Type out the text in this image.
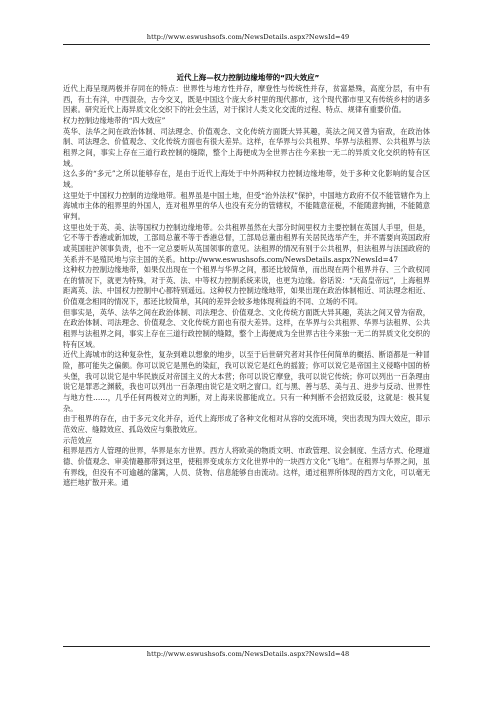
http://www.eswushsofs.com/NewsDetails.aspx?NewsId=49
近代上海—权力控制边缘地带的“四大效应”

近代上海呈现两极并存同在的特点：世界性与地方性并存，摩登性与传统性并存，贫富悬殊，高度分层，有中有西，有土有洋，中西混杂，古今交叉，既是中国这个庞大乡村里的现代都市，这个现代都市里又有传统乡村的诸多因素。研究近代上海异质文化交织下的社会生活，对于探讨人类文化交流的过程、特点、规律有重要价值。

权力控制边缘地带的“四大效应”

英华、法华之间在政治体制、司法理念、价值观念、文化传统方面既大异其趣，英法之间又曾为宿敌，在政治体制、司法理念、价值观念、文化传统方面也有很大差异。这样，在华界与公共租界、华界与法租界、公共租界与法租界之间，事实上存在三道行政控制的缝隙，整个上海便成为全世界古往今来独一无二的异质文化交织的特有区域。

这么多的“多元”之所以能够存在，是由于近代上海处于中外两种权力控制边缘地带，处于多种文化影响的复合区域。

这里处于中国权力控制的边缘地带。租界虽是中国土地，但受“治外法权”保护，中国地方政府不仅不能管辖作为上海城市主体的租界里的外国人，连对租界里的华人也没有充分的管辖权，不能随意征税，不能随意拘捕，不能随意审判。

这里也处于英、美、法等国权力控制边缘地带。公共租界虽然在大部分时间里权力主要控制在英国人手里，但是，它不等于香港或新加坡，工部局总董不等于香港总督，工部局总董由租界有关居民选举产生，并不需要向英国政府或英国驻沪领事负责，也不一定总要听从英国领事的意见。法租界的情况有别于公共租界，但法租界与法国政府的关系并不是殖民地与宗主国的关系。http://www.eswushsofs.com/NewsDetails.aspx?NewsId=47

这种权力控制边缘地带，如果仅出现在一个租界与华界之间，那还比较简单，而出现在两个租界并存、三个政权同在的情况下，就更为特殊，对于英、法、中等权力控制系统来说，也更为边缘。俗话说：“天高皇帝远”，上海租界距离英、法、中国权力控制中心都特别遥远。这种权力控制边缘地带，如果出现在政治体制相近、司法理念相近、价值观念相同的情况下，那还比较简单，其间的差异会较多地体现利益的不同、立场的不同。

但事实是，英华、法华之间在政治体制、司法理念、价值观念、文化传统方面既大异其趣，英法之间又曾为宿敌，在政治体制、司法理念、价值观念、文化传统方面也有很大差异。这样，在华界与公共租界、华界与法租界、公共租界与法租界之间，事实上存在三道行政控制的缝隙，整个上海便成为全世界古往今来独一无二的异质文化交织的特有区域。

近代上海城市的这种复杂性，复杂到难以想象的地步，以至于后世研究者对其作任何简单的概括、断语都是一种冒险，都可能失之偏颇。你可以说它是黑色的染缸，我可以说它是红色的摇篮；你可以说它是帝国主义侵略中国的桥头堡，我可以说它是中华民族反对帝国主义的大本营；你可以说它摩登，我可以说它传统；你可以列出一百条理由说它是罪恶之渊薮，我也可以列出一百条理由说它是文明之窗口。红与黑、善与恶、美与丑、进步与反动、世界性与地方性……，几乎任何两极对立的判断，对上海来说都能成立。只有一种判断不会招致反驳，这就是：极其复杂。

由于租界的存在，由于多元文化并存，近代上海形成了各种文化相对从容的交流环境，突出表现为四大效应，即示范效应、缝隙效应、孤岛效应与集散效应。

示范效应

租界是西方人管理的世界，华界是东方世界。西方人将欧美的物质文明、市政管理、议会制度、生活方式、伦理道德、价值观念、审美情趣都带到这里，使租界变成东方文化世界中的一块西方文化“飞地”。在租界与华界之间，虽有界线，但没有不可逾越的藩篱，人员、货物、信息能够自由流动。这样，通过租界所体现的西方文化，可以毫无遮拦地扩散开来。通

http://www.eswushsofs.com/NewsDetails.aspx?NewsId=48
